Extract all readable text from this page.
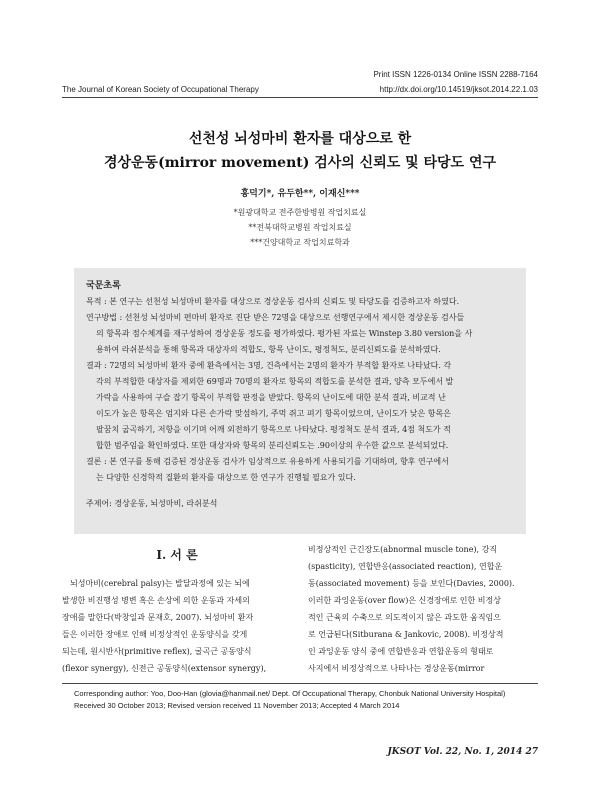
Print ISSN 1226-0134 Online ISSN 2288-7164
The Journal of Korean Society of Occupational Therapy	http://dx.doi.org/10.14519/jksot.2014.22.1.03
선천성 뇌성마비 환자를 대상으로 한
경상운동(mirror movement) 검사의 신뢰도 및 타당도 연구
홍덕기*, 유두한**, 이재신***
*원광대학교 전주한방병원 작업치료실
**전북대학교병원 작업치료실
***건양대학교 작업치료학과
국문초록
목적 : 본 연구는 선천성 뇌성마비 환자를 대상으로 경상운동 검사의 신뢰도 및 타당도를 검증하고자 하였다.
연구방법 : 선천성 뇌성마비 편마비 환자로 진단 받은 72명을 대상으로 선행연구에서 제시한 경상운동 검사들
의 항목과 점수체계를 재구성하여 경상운동 정도를 평가하였다. 평가된 자료는 Winstep 3.80 version을 사
용하여 라쉬분석을 통해 항목과 대상자의 적합도, 항목 난이도, 평정척도, 분리신뢰도를 분석하였다.
결과 : 72명의 뇌성마비 환자 중에 환측에서는 3명, 건측에서는 2명의 환자가 부적합 환자로 나타났다. 각
각의 부적합한 대상자를 제외한 69명과 70명의 환자로 항목의 적합도를 분석한 결과, 양측 모두에서 발
가락을 사용하여 구슬 잡기 항목이 부적합 판정을 받았다. 항목의 난이도에 대한 분석 결과, 비교적 난
이도가 높은 항목은 엄지와 다른 손가락 맞섬하기, 주먹 쥐고 펴기 항목이었으며, 난이도가 낮은 항목은
팔꿈치 굽곡하기, 저항을 이기며 어깨 외전하기 항목으로 나타났다. 평정척도 분석 결과, 4점 척도가 적
합한 범주임을 확인하였다. 또한 대상자와 항목의 분리신뢰도는 .90이상의 우수한 값으로 분석되었다.
결론 : 본 연구를 통해 검증된 경상운동 검사가 임상적으로 유용하게 사용되기를 기대하며, 향후 연구에서
는 다양한 신경학적 질환의 환자를 대상으로 한 연구가 진행될 필요가 있다.
주제어: 경상운동, 뇌성마비, 라쉬분석
Ⅰ. 서 론
뇌성마비(cerebral palsy)는 발달과정에 있는 뇌에
발생한 비진행성 병변 혹은 손상에 의한 운동과 자세의
장애를 말한다(박창일과 문재호, 2007). 뇌성마비 환자
들은 이러한 장애로 인해 비정상적인 운동양식을 갖게
되는데, 원시반사(primitive reflex), 굴곡근 공동양식
(flexor synergy), 신전근 공동양식(extensor synergy),
비정상적인 근긴장도(abnormal muscle tone), 강직
(spasticity), 연합반응(associated reaction), 연합운
동(associated movement) 등을 보인다(Davies, 2000).
이러한 과잉운동(over flow)은 신경장애로 인한 비정상
적인 근육의 수축으로 의도적이지 않은 과도한 움직임으
로 언급된다(Sitburana & Jankovic, 2008). 비정상적
인 과잉운동 양식 중에 연합반응과 연합운동의 형태로
사지에서 비정상적으로 나타나는 경상운동(mirror
Corresponding author: Yoo, Doo-Han (glovia@hanmail.net/ Dept. Of Occupational Therapy, Chonbuk National University Hospital)
Received 30 October 2013; Revised version received 11 November 2013; Accepted 4 March 2014
JKSOT Vol. 22, No. 1, 2014 27
